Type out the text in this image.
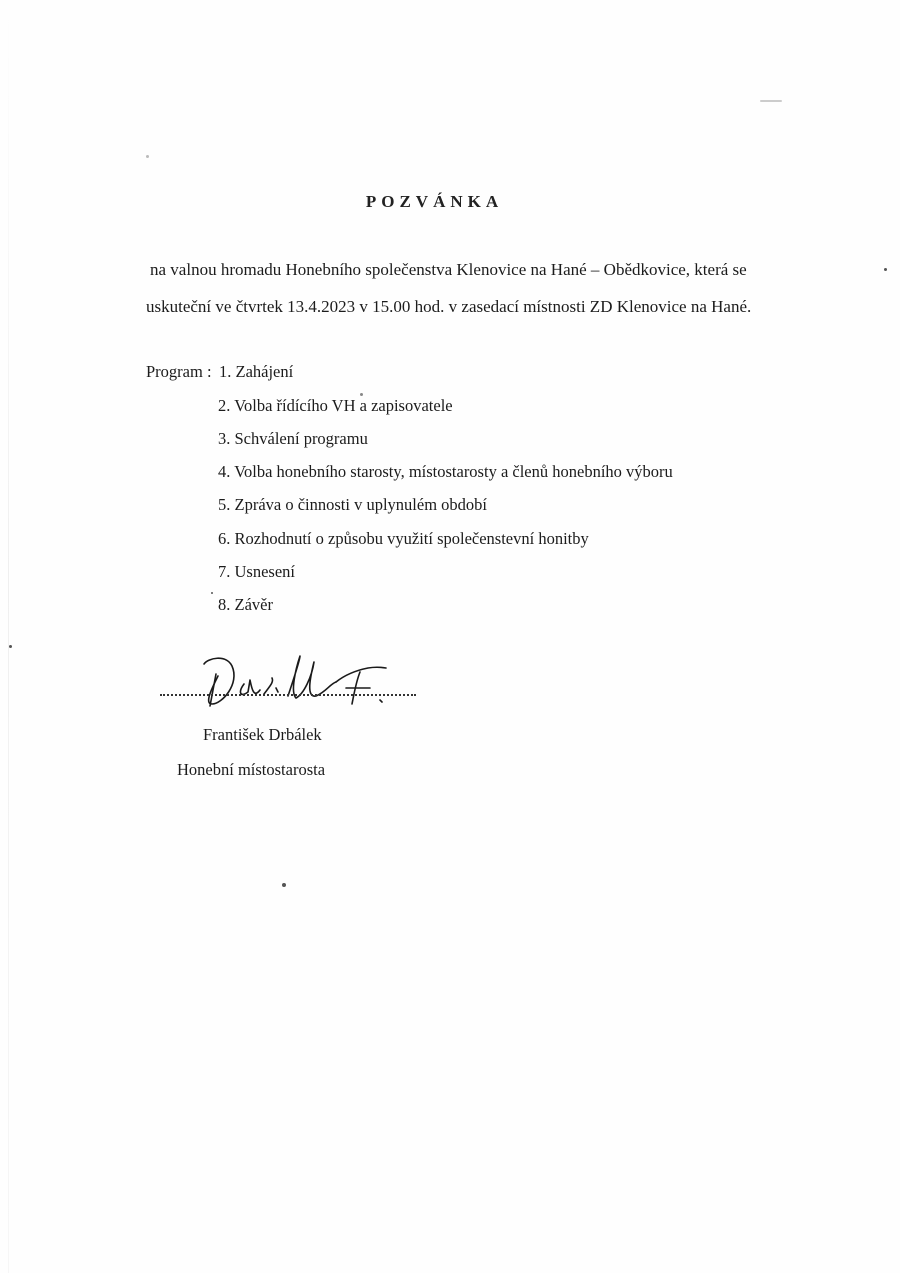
POZVÁNKA
na valnou hromadu Honebního společenstva Klenovice na Hané – Obědkovice, která se
uskuteční ve čtvrtek 13.4.2023 v 15.00 hod. v zasedací místnosti ZD Klenovice na Hané.
Program : 1. Zahájení
2. Volba řídícího VH a zapisovatele
3. Schválení programu
4. Volba honebního starosty, místostarosty a členů honebního výboru
5. Zpráva o činnosti v uplynulém období
6. Rozhodnutí o způsobu využití společenstevní honitby
7. Usnesení
8. Závěr
František Drbálek
Honební místostarosta
